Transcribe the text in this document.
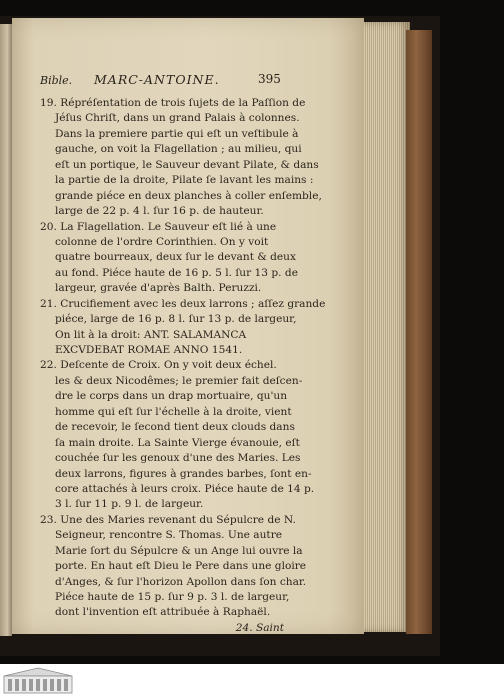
Bible. MARC-ANTOINE.	395
19. Répréſentation de trois ſujets de la Paſſion de
Jéſus Chriſt, dans un grand Palais à colonnes.
Dans la premiere partie qui eſt un veſtibule à
gauche, on voit la Flagellation ; au milieu, qui
eſt un portique, le Sauveur devant Pilate, & dans
la partie de la droite, Pilate ſe lavant les mains :
grande piéce en deux planches à coller enſemble,
large de 22 p. 4 l. ſur 16 p. de hauteur.
20. La Flagellation. Le Sauveur eſt lié à une
colonne de l'ordre Corinthien. On y voit
quatre bourreaux, deux ſur le devant & deux
au fond. Piéce haute de 16 p. 5 l. ſur 13 p. de
largeur, gravée d'après Balth. Peruzzi.
21. Crucifiement avec les deux larrons ; aſſez grande
piéce, large de 16 p. 8 l. ſur 13 p. de largeur,
On lit à la droit: ANT. SALAMANCA
EXCVDEBAT ROMAE ANNO 1541.
22. Deſcente de Croix. On y voit deux échel.
les & deux Nicodêmes; le premier fait deſcen-
dre le corps dans un drap mortuaire, qu'un
homme qui eſt ſur l'échelle à la droite, vient
de recevoir, le ſecond tient deux clouds dans
ſa main droite. La Sainte Vierge évanouie, eſt
couchée ſur les genoux d'une des Maries. Les
deux larrons, figures à grandes barbes, ſont en-
core attachés à leurs croix. Piéce haute de 14 p.
3 l. ſur 11 p. 9 l. de largeur.
23. Une des Maries revenant du Sépulcre de N.
Seigneur, rencontre S. Thomas. Une autre
Marie ſort du Sépulcre & un Ange lui ouvre la
porte. En haut eſt Dieu le Pere dans une gloire
d'Anges, & ſur l'horizon Apollon dans ſon char.
Piéce haute de 15 p. ſur 9 p. 3 l. de largeur,
dont l'invention eſt attribuée à Raphaël.
24. Saint
